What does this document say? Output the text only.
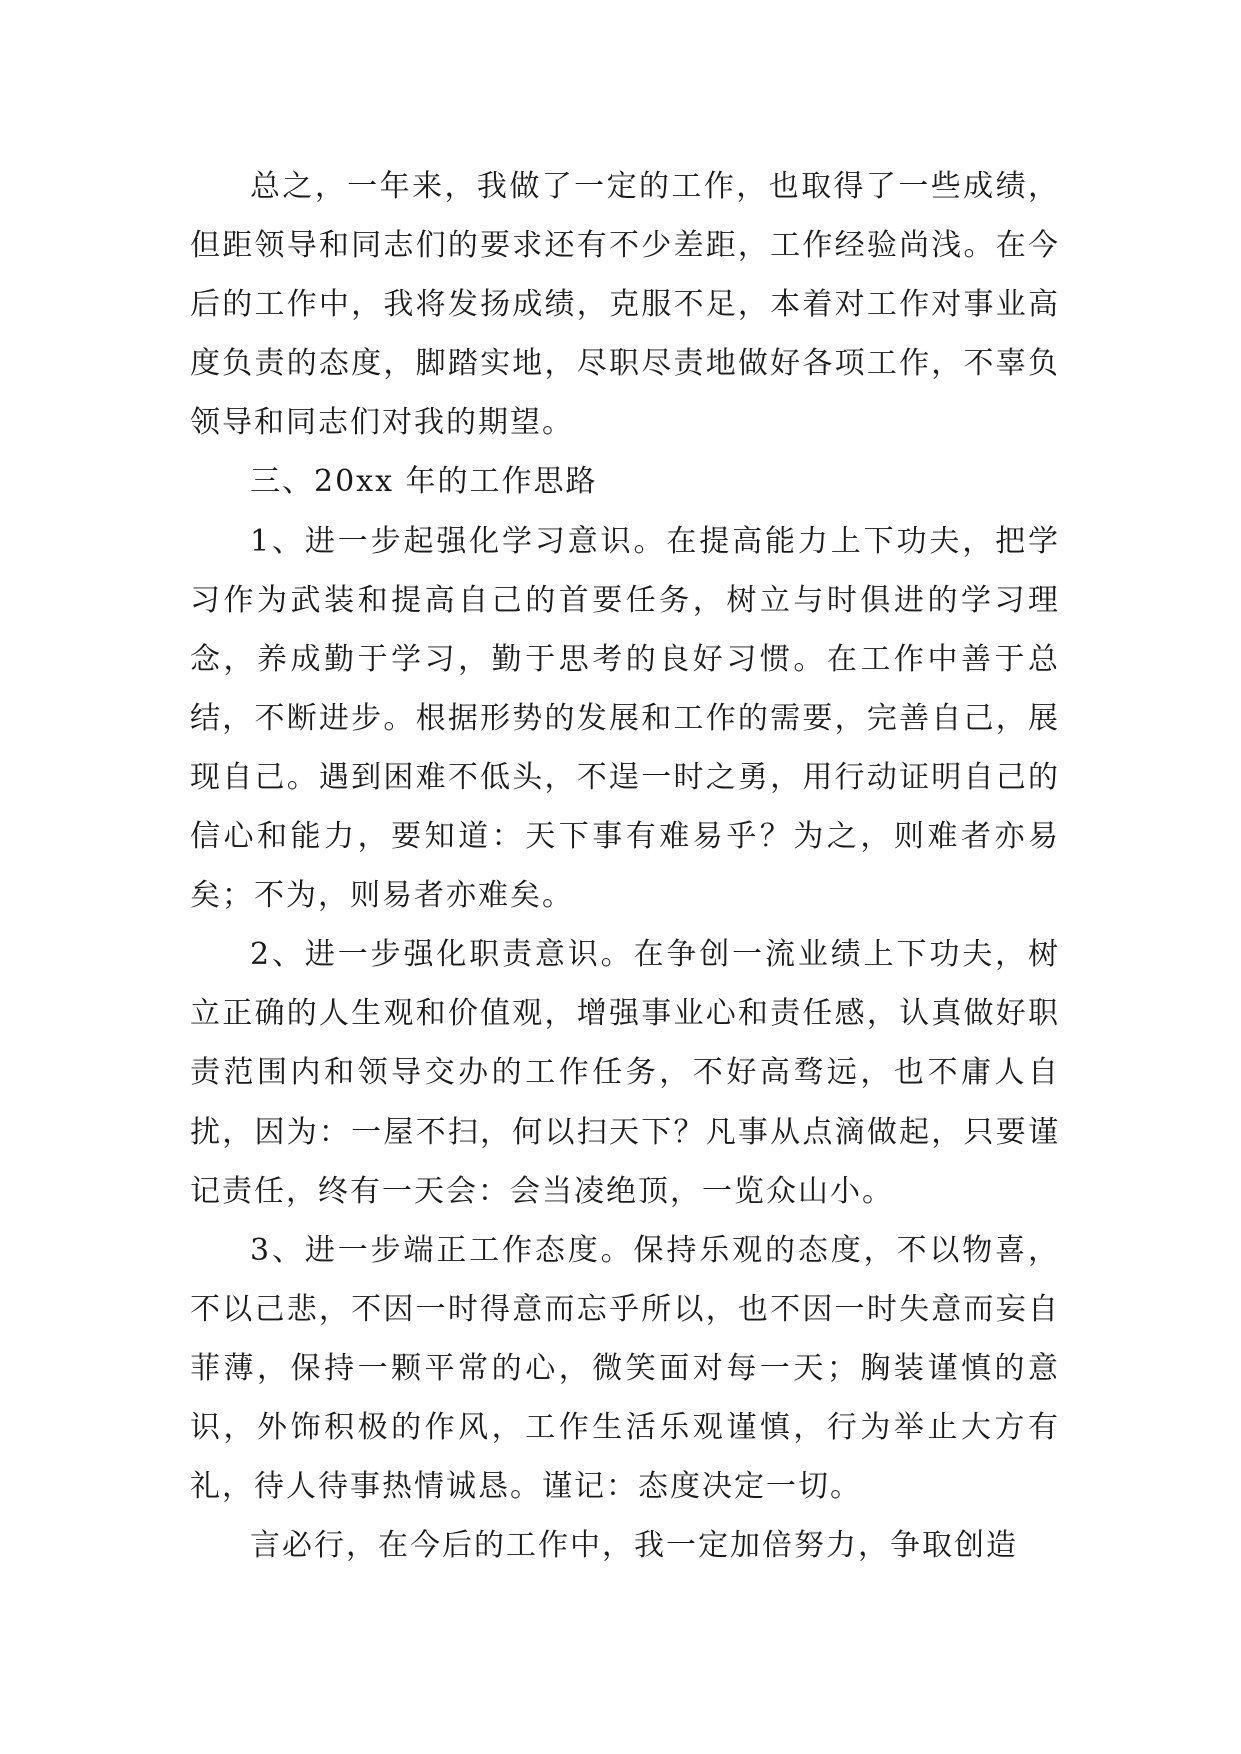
总之，一年来，我做了一定的工作，也取得了一些成绩，但距领导和同志们的要求还有不少差距，工作经验尚浅。在今后的工作中，我将发扬成绩，克服不足，本着对工作对事业高度负责的态度，脚踏实地，尽职尽责地做好各项工作，不辜负领导和同志们对我的期望。

三、20xx 年的工作思路

1、进一步起强化学习意识。在提高能力上下功夫，把学习作为武装和提高自己的首要任务，树立与时俱进的学习理念，养成勤于学习，勤于思考的良好习惯。在工作中善于总结，不断进步。根据形势的发展和工作的需要，完善自己，展现自己。遇到困难不低头，不逞一时之勇，用行动证明自己的信心和能力，要知道：天下事有难易乎？为之，则难者亦易矣；不为，则易者亦难矣。

2、进一步强化职责意识。在争创一流业绩上下功夫，树立正确的人生观和价值观，增强事业心和责任感，认真做好职责范围内和领导交办的工作任务，不好高骛远，也不庸人自扰，因为：一屋不扫，何以扫天下？凡事从点滴做起，只要谨记责任，终有一天会：会当凌绝顶，一览众山小。

3、进一步端正工作态度。保持乐观的态度，不以物喜，不以己悲，不因一时得意而忘乎所以，也不因一时失意而妄自菲薄，保持一颗平常的心，微笑面对每一天；胸装谨慎的意识，外饰积极的作风，工作生活乐观谨慎，行为举止大方有礼，待人待事热情诚恳。谨记：态度决定一切。

言必行，在今后的工作中，我一定加倍努力，争取创造
